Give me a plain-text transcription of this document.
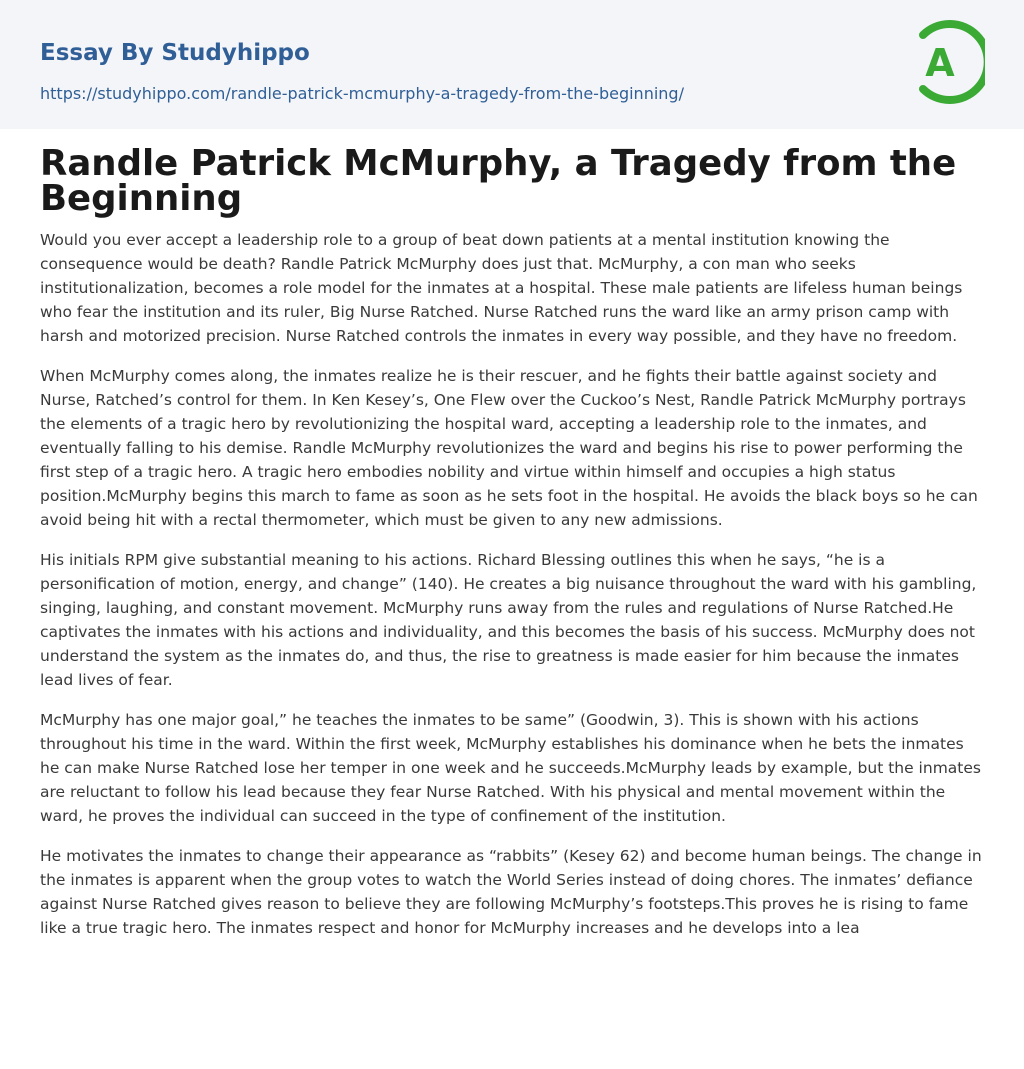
Essay By Studyhippo
https://studyhippo.com/randle-patrick-mcmurphy-a-tragedy-from-the-beginning/
A
Randle Patrick McMurphy, a Tragedy from the Beginning

Would you ever accept a leadership role to a group of beat down patients at a mental institution knowing the consequence would be death? Randle Patrick McMurphy does just that. McMurphy, a con man who seeks institutionalization, becomes a role model for the inmates at a hospital. These male patients are lifeless human beings who fear the institution and its ruler, Big Nurse Ratched. Nurse Ratched runs the ward like an army prison camp with harsh and motorized precision. Nurse Ratched controls the inmates in every way possible, and they have no freedom.

When McMurphy comes along, the inmates realize he is their rescuer, and he fights their battle against society and Nurse, Ratched’s control for them. In Ken Kesey’s, One Flew over the Cuckoo’s Nest, Randle Patrick McMurphy portrays the elements of a tragic hero by revolutionizing the hospital ward, accepting a leadership role to the inmates, and eventually falling to his demise. Randle McMurphy revolutionizes the ward and begins his rise to power performing the first step of a tragic hero. A tragic hero embodies nobility and virtue within himself and occupies a high status position.McMurphy begins this march to fame as soon as he sets foot in the hospital. He avoids the black boys so he can avoid being hit with a rectal thermometer, which must be given to any new admissions.

His initials RPM give substantial meaning to his actions. Richard Blessing outlines this when he says, “he is a personification of motion, energy, and change” (140). He creates a big nuisance throughout the ward with his gambling, singing, laughing, and constant movement. McMurphy runs away from the rules and regulations of Nurse Ratched.He captivates the inmates with his actions and individuality, and this becomes the basis of his success. McMurphy does not understand the system as the inmates do, and thus, the rise to greatness is made easier for him because the inmates lead lives of fear.

McMurphy has one major goal,” he teaches the inmates to be same” (Goodwin, 3). This is shown with his actions throughout his time in the ward. Within the first week, McMurphy establishes his dominance when he bets the inmates he can make Nurse Ratched lose her temper in one week and he succeeds.McMurphy leads by example, but the inmates are reluctant to follow his lead because they fear Nurse Ratched. With his physical and mental movement within the ward, he proves the individual can succeed in the type of confinement of the institution.

He motivates the inmates to change their appearance as “rabbits” (Kesey 62) and become human beings. The change in the inmates is apparent when the group votes to watch the World Series instead of doing chores. The inmates’ defiance against Nurse Ratched gives reason to believe they are following McMurphy’s footsteps.This proves he is rising to fame like a true tragic hero. The inmates respect and honor for McMurphy increases and he develops into a lea
